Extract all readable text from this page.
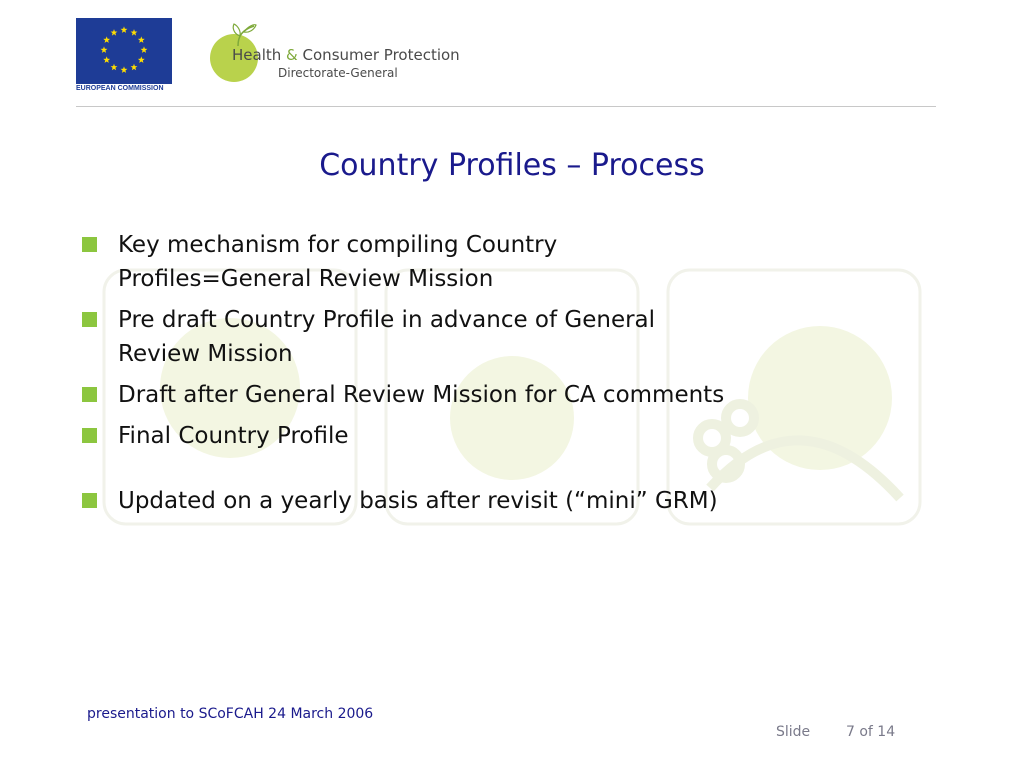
EUROPEAN COMMISSION
Health & Consumer Protection
Directorate-General
Country Profiles – Process
Key mechanism for compiling Country Profiles=General Review Mission
Pre draft Country Profile in advance of General Review Mission
Draft after General Review Mission for CA comments
Final Country Profile
Updated on a yearly basis after revisit (“mini” GRM)
presentation to SCoFCAH 24 March 2006
Slide	7 of 14
